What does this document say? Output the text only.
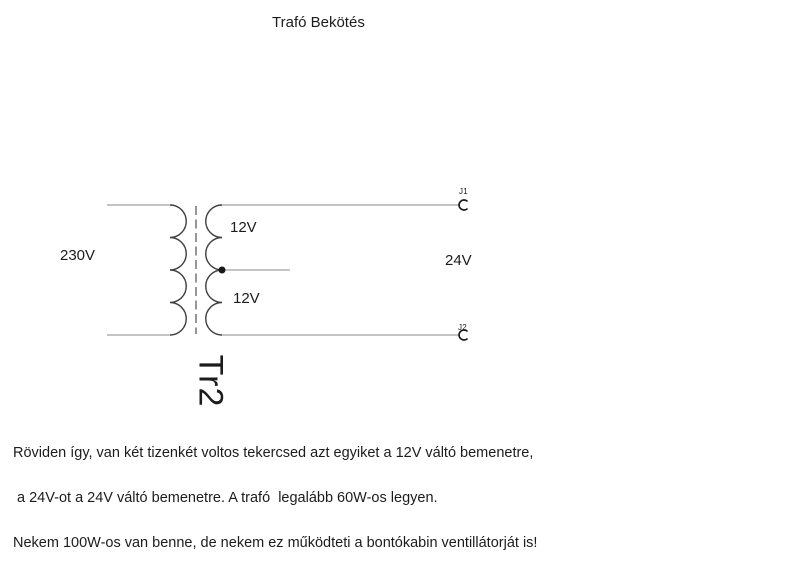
Trafó Bekötés
230V
12V
12V
24V
J1
J2
Tr2

Röviden így, van két tizenkét voltos tekercsed azt egyiket a 12V váltó bemenetre,

a 24V-ot a 24V váltó bemenetre. A trafó  legalább 60W-os legyen.

Nekem 100W-os van benne, de nekem ez működteti a bontókabin ventillátorját is!
